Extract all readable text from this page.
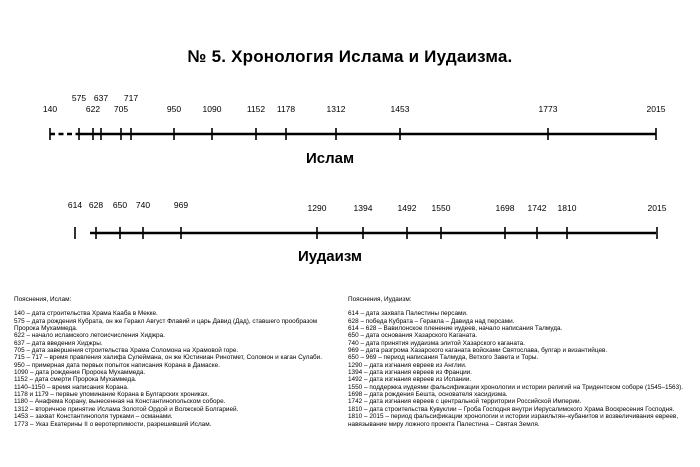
№ 5. Хронология Ислама и Иудаизма.
140
575
622
637
705
717
950	1090	1152 1178	1312	1453	1773	2015
614 628 650 740	969	1290	1394	1492 1550	1698 1742 1810	2015
Ислам
Иудаизм
Пояснения, Ислам:
140 – дата строительства Храма Кааба в Мекке.
575 – дата рождения Кубрата, он же Геракл Август Флавий и царь Давид (Дад), ставшего прообразом Пророка Мухаммеда.
622 – начало исламского летоисчисления Хиджра.
637 – дата введения Хиджры.
705 – дата завершения строительства Храма Соломона на Храмовой горе.
715 – 717 – время правления халифа Сулеймана, он же Юстиниан Ринотмет, Соломон и каган Сулаби.
950 – примерная дата первых попыток написания Корана в Дамаске.
1090 – дата рождения Пророка Мухаммеда.
1152 – дата смерти Пророка Мухаммеда.
1140–1150 – время написания Корана.
1178 и 1179 – первые упоминание Корана в Булгарских хрониках.
1180 – Анафема Корану, вынесенная на Константинопольском соборе.
1312 – вторичное принятие Ислама Золотой Ордой и Волжской Болгарией.
1453 – захват Константинополя турками – османами.
1773 – Указ Екатерины II о веротерпимости, разрешивший Ислам.
Пояснения, Иудаизм:
614 – дата захвата Палестины персами.
628 – победа Кубрата – Геракла – Давида над персами.
614 – 628 – Вавилонское пленение иудеев, начало написания Талмуда.
650 – дата основания Хазарского Каганата.
740 – дата принятия иудаизма элитой Хазарского каганата.
969 – дата разгрома Хазарского каганата войсками Святослава, булгар и византийцев.
650 – 969 – период написания Талмуда, Ветхого Завета и Торы.
1290 – дата изгнания евреев из Англии.
1394 – дата изгнания евреев из Франции.
1492 – дата изгнания евреев из Испании.
1550 – поддержка иудеями фальсификации хронологии и истории религий на Тридентском соборе (1545–1563).
1698 – дата рождения Бешта, основателя хасидизма.
1742 – дата изгнания евреев с центральной территории Российской Империи.
1810 – дата строительства Кувуклии – Гроба Господня внутри Иерусалимского Храма Воскресения Господня.
1810 – 2015 – период фальсификации хронологии и истории израильтян–кубанитов и возвеличивания евреев, навязывание миру ложного проекта Палестина – Святая Земля.
